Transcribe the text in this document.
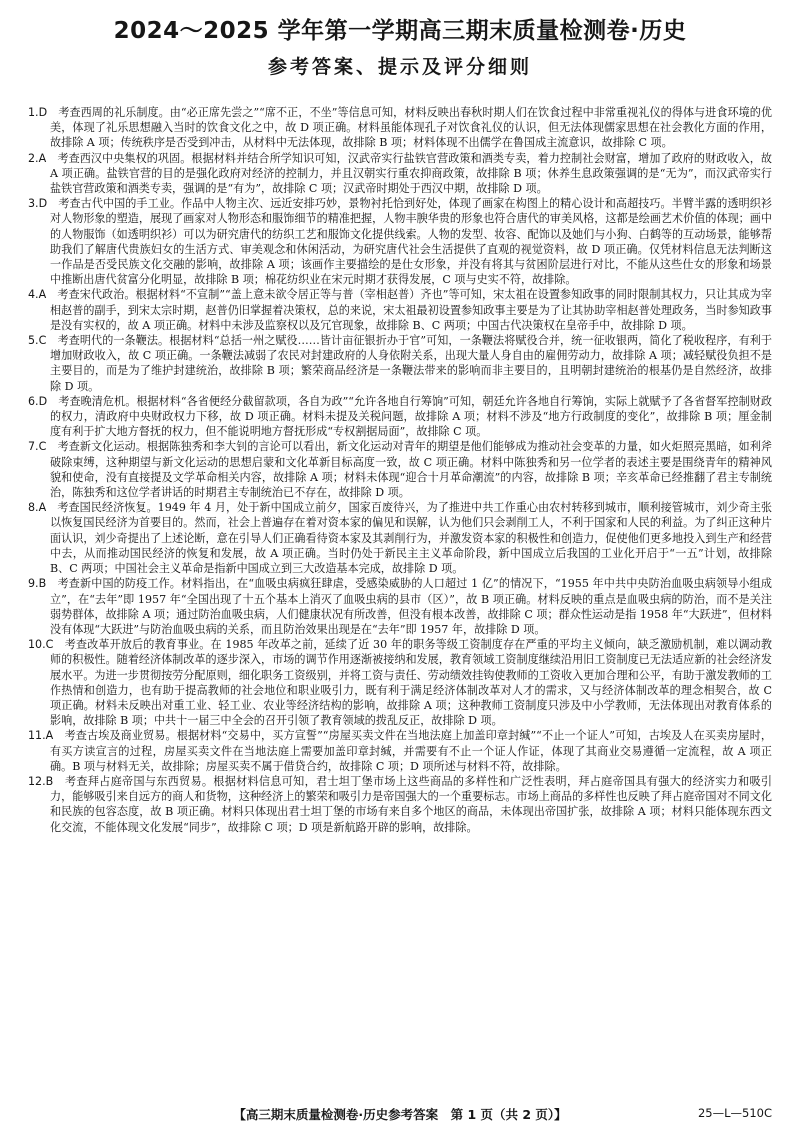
2024～2025 学年第一学期高三期末质量检测卷·历史
参考答案、提示及评分细则

1.D　 考查西周的礼乐制度。由“必正席先尝之”“席不正，不坐”等信息可知，材料反映出春秋时期人们在饮食过程中非常重视礼仪的得体与进食环境的优美，体现了礼乐思想融入当时的饮食文化之中，故 D 项正确。材料虽能体现孔子对饮食礼仪的认识，但无法体现儒家思想在社会教化方面的作用，故排除 A 项；传统秩序是否受到冲击，从材料中无法体现，故排除 B 项；材料体现不出儒学在鲁国成主流意识，故排除 C 项。

2.A　 考查西汉中央集权的巩固。根据材料并结合所学知识可知，汉武帝实行盐铁官营政策和酒类专卖，着力控制社会财富，增加了政府的财政收入，故 A 项正确。盐铁官营的目的是强化政府对经济的控制力，并且汉朝实行重农抑商政策，故排除 B 项；休养生息政策强调的是“无为”，而汉武帝实行盐铁官营政策和酒类专卖，强调的是“有为”，故排除 C 项；汉武帝时期处于西汉中期，故排除 D 项。

3.D　 考查古代中国的手工业。作品中人物主次、远近安排巧妙，景物衬托恰到好处，体现了画家在构图上的精心设计和高超技巧。半臂半露的透明织衫对人物形象的塑造，展现了画家对人物形态和服饰细节的精准把握，人物丰腴华贵的形象也符合唐代的审美风格，这都是绘画艺术价值的体现；画中的人物服饰（如透明织衫）可以为研究唐代的纺织工艺和服饰文化提供线索。人物的发型、妆容、配饰以及她们与小狗、白鹤等的互动场景，能够帮助我们了解唐代贵族妇女的生活方式、审美观念和休闲活动，为研究唐代社会生活提供了直观的视觉资料，故 D 项正确。仅凭材料信息无法判断这一作品是否受民族文化交融的影响，故排除 A 项；该画作主要描绘的是仕女形象，并没有将其与贫困阶层进行对比，不能从这些仕女的形象和场景中推断出唐代贫富分化明显，故排除 B 项；棉花纺织业在宋元时期才获得发展，C 项与史实不符，故排除。

4.A　 考查宋代政治。根据材料“不宣制”“盖上意未欲令居正等与普（宰相赵普）齐也”等可知，宋太祖在设置参知政事的同时限制其权力，只让其成为宰相赵普的副手，到宋太宗时期，赵普仍旧掌握着决策权，总的来说，宋太祖最初设置参知政事主要是为了让其协助宰相赵普处理政务，当时参知政事是没有实权的，故 A 项正确。材料中未涉及监察权以及冗官现象，故排除 B、C 两项；中国古代决策权在皇帝手中，故排除 D 项。

5.C　 考查明代的一条鞭法。根据材料“总括一州之赋役……皆计亩征银折办于官”可知，一条鞭法将赋役合并，统一征收银两，简化了税收程序，有利于增加财政收入，故 C 项正确。一条鞭法减弱了农民对封建政府的人身依附关系，出现大量人身自由的雇佣劳动力，故排除 A 项；减轻赋役负担不是主要目的，而是为了维护封建统治，故排除 B 项；繁荣商品经济是一条鞭法带来的影响而非主要目的，且明朝封建统治的根基仍是自然经济，故排除 D 项。

6.D　 考查晚清危机。根据材料“各省便经分截留款项，各自为政”“允许各地自行筹饷”可知，朝廷允许各地自行筹饷，实际上就赋予了各省督军控制财政的权力，清政府中央财政权力下移，故 D 项正确。材料未提及关税问题，故排除 A 项；材料不涉及“地方行政制度的变化”，故排除 B 项；厘金制度有利于扩大地方督抚的权力，但不能说明地方督抚形成“专权割据局面”，故排除 C 项。

7.C　 考查新文化运动。根据陈独秀和李大钊的言论可以看出，新文化运动对青年的期望是他们能够成为推动社会变革的力量，如火炬照亮黑暗，如利斧破除束缚，这种期望与新文化运动的思想启蒙和文化革新目标高度一致，故 C 项正确。材料中陈独秀和另一位学者的表述主要是围绕青年的精神风貌和使命，没有直接提及文学革命相关内容，故排除 A 项；材料未体现“迎合十月革命潮流”的内容，故排除 B 项；辛亥革命已经推翻了君主专制统治，陈独秀和这位学者讲话的时期君主专制统治已不存在，故排除 D 项。

8.A　 考查国民经济恢复。1949 年 4 月，处于新中国成立前夕，国家百废待兴，为了推进中共工作重心由农村转移到城市，顺利接管城市，刘少奇主张以恢复国民经济为首要目的。然而，社会上普遍存在着对资本家的偏见和误解，认为他们只会剥削工人，不利于国家和人民的利益。为了纠正这种片面认识，刘少奇提出了上述论断，意在引导人们正确看待资本家及其剥削行为，并激发资本家的积极性和创造力，促使他们更多地投入到生产和经营中去，从而推动国民经济的恢复和发展，故 A 项正确。当时仍处于新民主主义革命阶段，新中国成立后我国的工业化开启于“一五”计划，故排除 B、C 两项；中国社会主义革命是指新中国成立到三大改造基本完成，故排除 D 项。

9.B　 考查新中国的防疫工作。材料指出，在“血吸虫病疯狂肆虐，受感染威胁的人口超过 1 亿”的情况下，“1955 年中共中央防治血吸虫病领导小组成立”，在“去年”即 1957 年“全国出现了十五个基本上消灭了血吸虫病的县市（区）”，故 B 项正确。材料反映的重点是血吸虫病的防治，而不是关注弱势群体，故排除 A 项；通过防治血吸虫病，人们健康状况有所改善，但没有根本改善，故排除 C 项；群众性运动是指 1958 年“大跃进”，但材料没有体现“大跃进”与防治血吸虫病的关系，而且防治效果出现是在“去年”即 1957 年，故排除 D 项。

10.C　 考查改革开放后的教育事业。在 1985 年改革之前，延续了近 30 年的职务等级工资制度存在严重的平均主义倾向，缺乏激励机制，难以调动教师的积极性。随着经济体制改革的逐步深入，市场的调节作用逐渐被接纳和发展，教育领域工资制度继续沿用旧工资制度已无法适应新的社会经济发展水平。为进一步贯彻按劳分配原则，细化职务工资级别，并将工资与责任、劳动绩效挂钩使教师的工资收入更加合理和公平，有助于激发教师的工作热情和创造力，也有助于提高教师的社会地位和职业吸引力，既有利于满足经济体制改革对人才的需求，又与经济体制改革的理念相契合，故 C 项正确。材料未反映出对重工业、轻工业、农业等经济结构的影响，故排除 A 项；这种教师工资制度只涉及中小学教师，无法体现出对教育体系的影响，故排除 B 项；中共十一届三中全会的召开引领了教育领域的拨乱反正，故排除 D 项。

11.A　 考查古埃及商业贸易。根据材料“交易中，买方宣誓”“房屋买卖文件在当地法庭上加盖印章封缄”“不止一个证人”可知，古埃及人在买卖房屋时，有买方读宣言的过程，房屋买卖文件在当地法庭上需要加盖印章封缄，并需要有不止一个证人作证，体现了其商业交易遵循一定流程，故 A 项正确。B 项与材料无关，故排除；房屋买卖不属于借贷合约，故排除 C 项；D 项所述与材料不符，故排除。

12.B　 考查拜占庭帝国与东西贸易。根据材料信息可知，君士坦丁堡市场上这些商品的多样性和广泛性表明，拜占庭帝国具有强大的经济实力和吸引力，能够吸引来自远方的商人和货物，这种经济上的繁荣和吸引力是帝国强大的一个重要标志。市场上商品的多样性也反映了拜占庭帝国对不同文化和民族的包容态度，故 B 项正确。材料只体现出君士坦丁堡的市场有来自多个地区的商品，未体现出帝国扩张，故排除 A 项；材料只能体现东西文化交流，不能体现文化发展“同步”，故排除 C 项；D 项是新航路开辟的影响，故排除。

【高三期末质量检测卷·历史参考答案　第 1 页（共 2 页）】	25—L—510C
